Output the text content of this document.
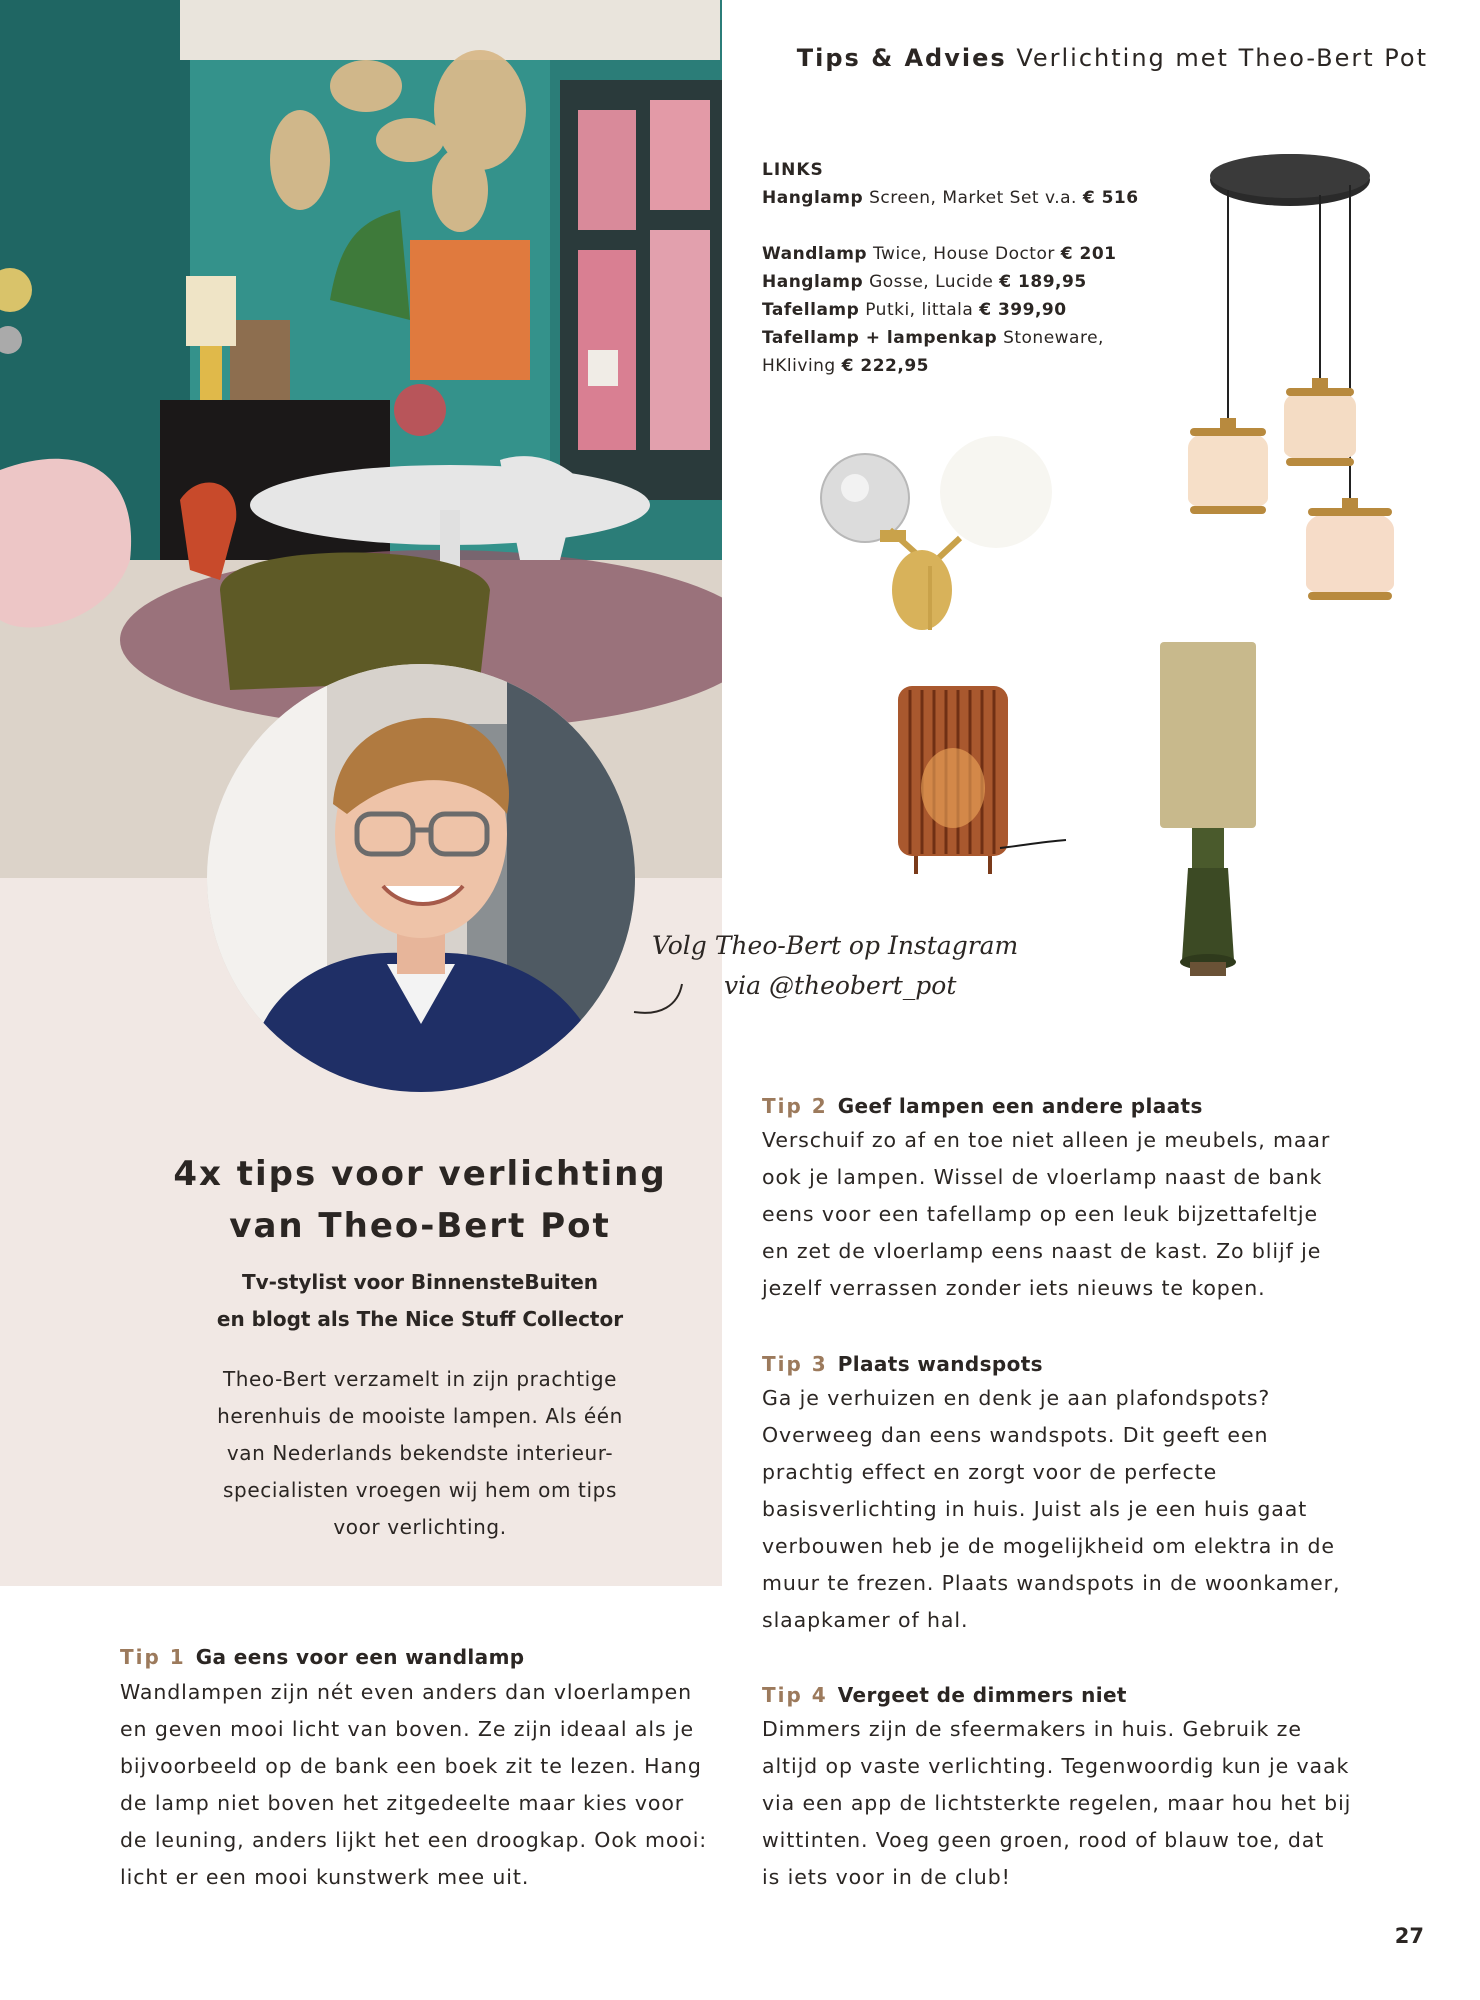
Volg Theo-Bert op Instagram
via @theobert_pot
4x tips voor verlichting
van Theo-Bert Pot
Tv-stylist voor BinnensteBuiten
en blogt als The Nice Stuff Collector
Theo-Bert verzamelt in zijn prachtige
herenhuis de mooiste lampen. Als één
van Nederlands bekendste interieur-
specialisten vroegen wij hem om tips
voor verlichting.
Tip 1 Ga eens voor een wandlamp
Wandlampen zijn nét even anders dan vloerlampen
en geven mooi licht van boven. Ze zijn ideaal als je
bijvoorbeeld op de bank een boek zit te lezen. Hang
de lamp niet boven het zitgedeelte maar kies voor
de leuning, anders lijkt het een droogkap. Ook mooi:
licht er een mooi kunstwerk mee uit.
Tips & Advies Verlichting met Theo-Bert Pot
LINKS
Hanglamp Screen, Market Set v.a. € 516
Wandlamp Twice, House Doctor € 201
Hanglamp Gosse, Lucide € 189,95
Tafellamp Putki, littala € 399,90
Tafellamp + lampenkap Stoneware,
HKliving € 222,95
Tip 2 Geef lampen een andere plaats
Verschuif zo af en toe niet alleen je meubels, maar
ook je lampen. Wissel de vloerlamp naast de bank
eens voor een tafellamp op een leuk bijzettafeltje
en zet de vloerlamp eens naast de kast. Zo blijf je
jezelf verrassen zonder iets nieuws te kopen.
Tip 3 Plaats wandspots
Ga je verhuizen en denk je aan plafondspots?
Overweeg dan eens wandspots. Dit geeft een
prachtig effect en zorgt voor de perfecte
basisverlichting in huis. Juist als je een huis gaat
verbouwen heb je de mogelijkheid om elektra in de
muur te frezen. Plaats wandspots in de woonkamer,
slaapkamer of hal.
Tip 4 Vergeet de dimmers niet
Dimmers zijn de sfeermakers in huis. Gebruik ze
altijd op vaste verlichting. Tegenwoordig kun je vaak
via een app de lichtsterkte regelen, maar hou het bij
wittinten. Voeg geen groen, rood of blauw toe, dat
is iets voor in de club!
27
